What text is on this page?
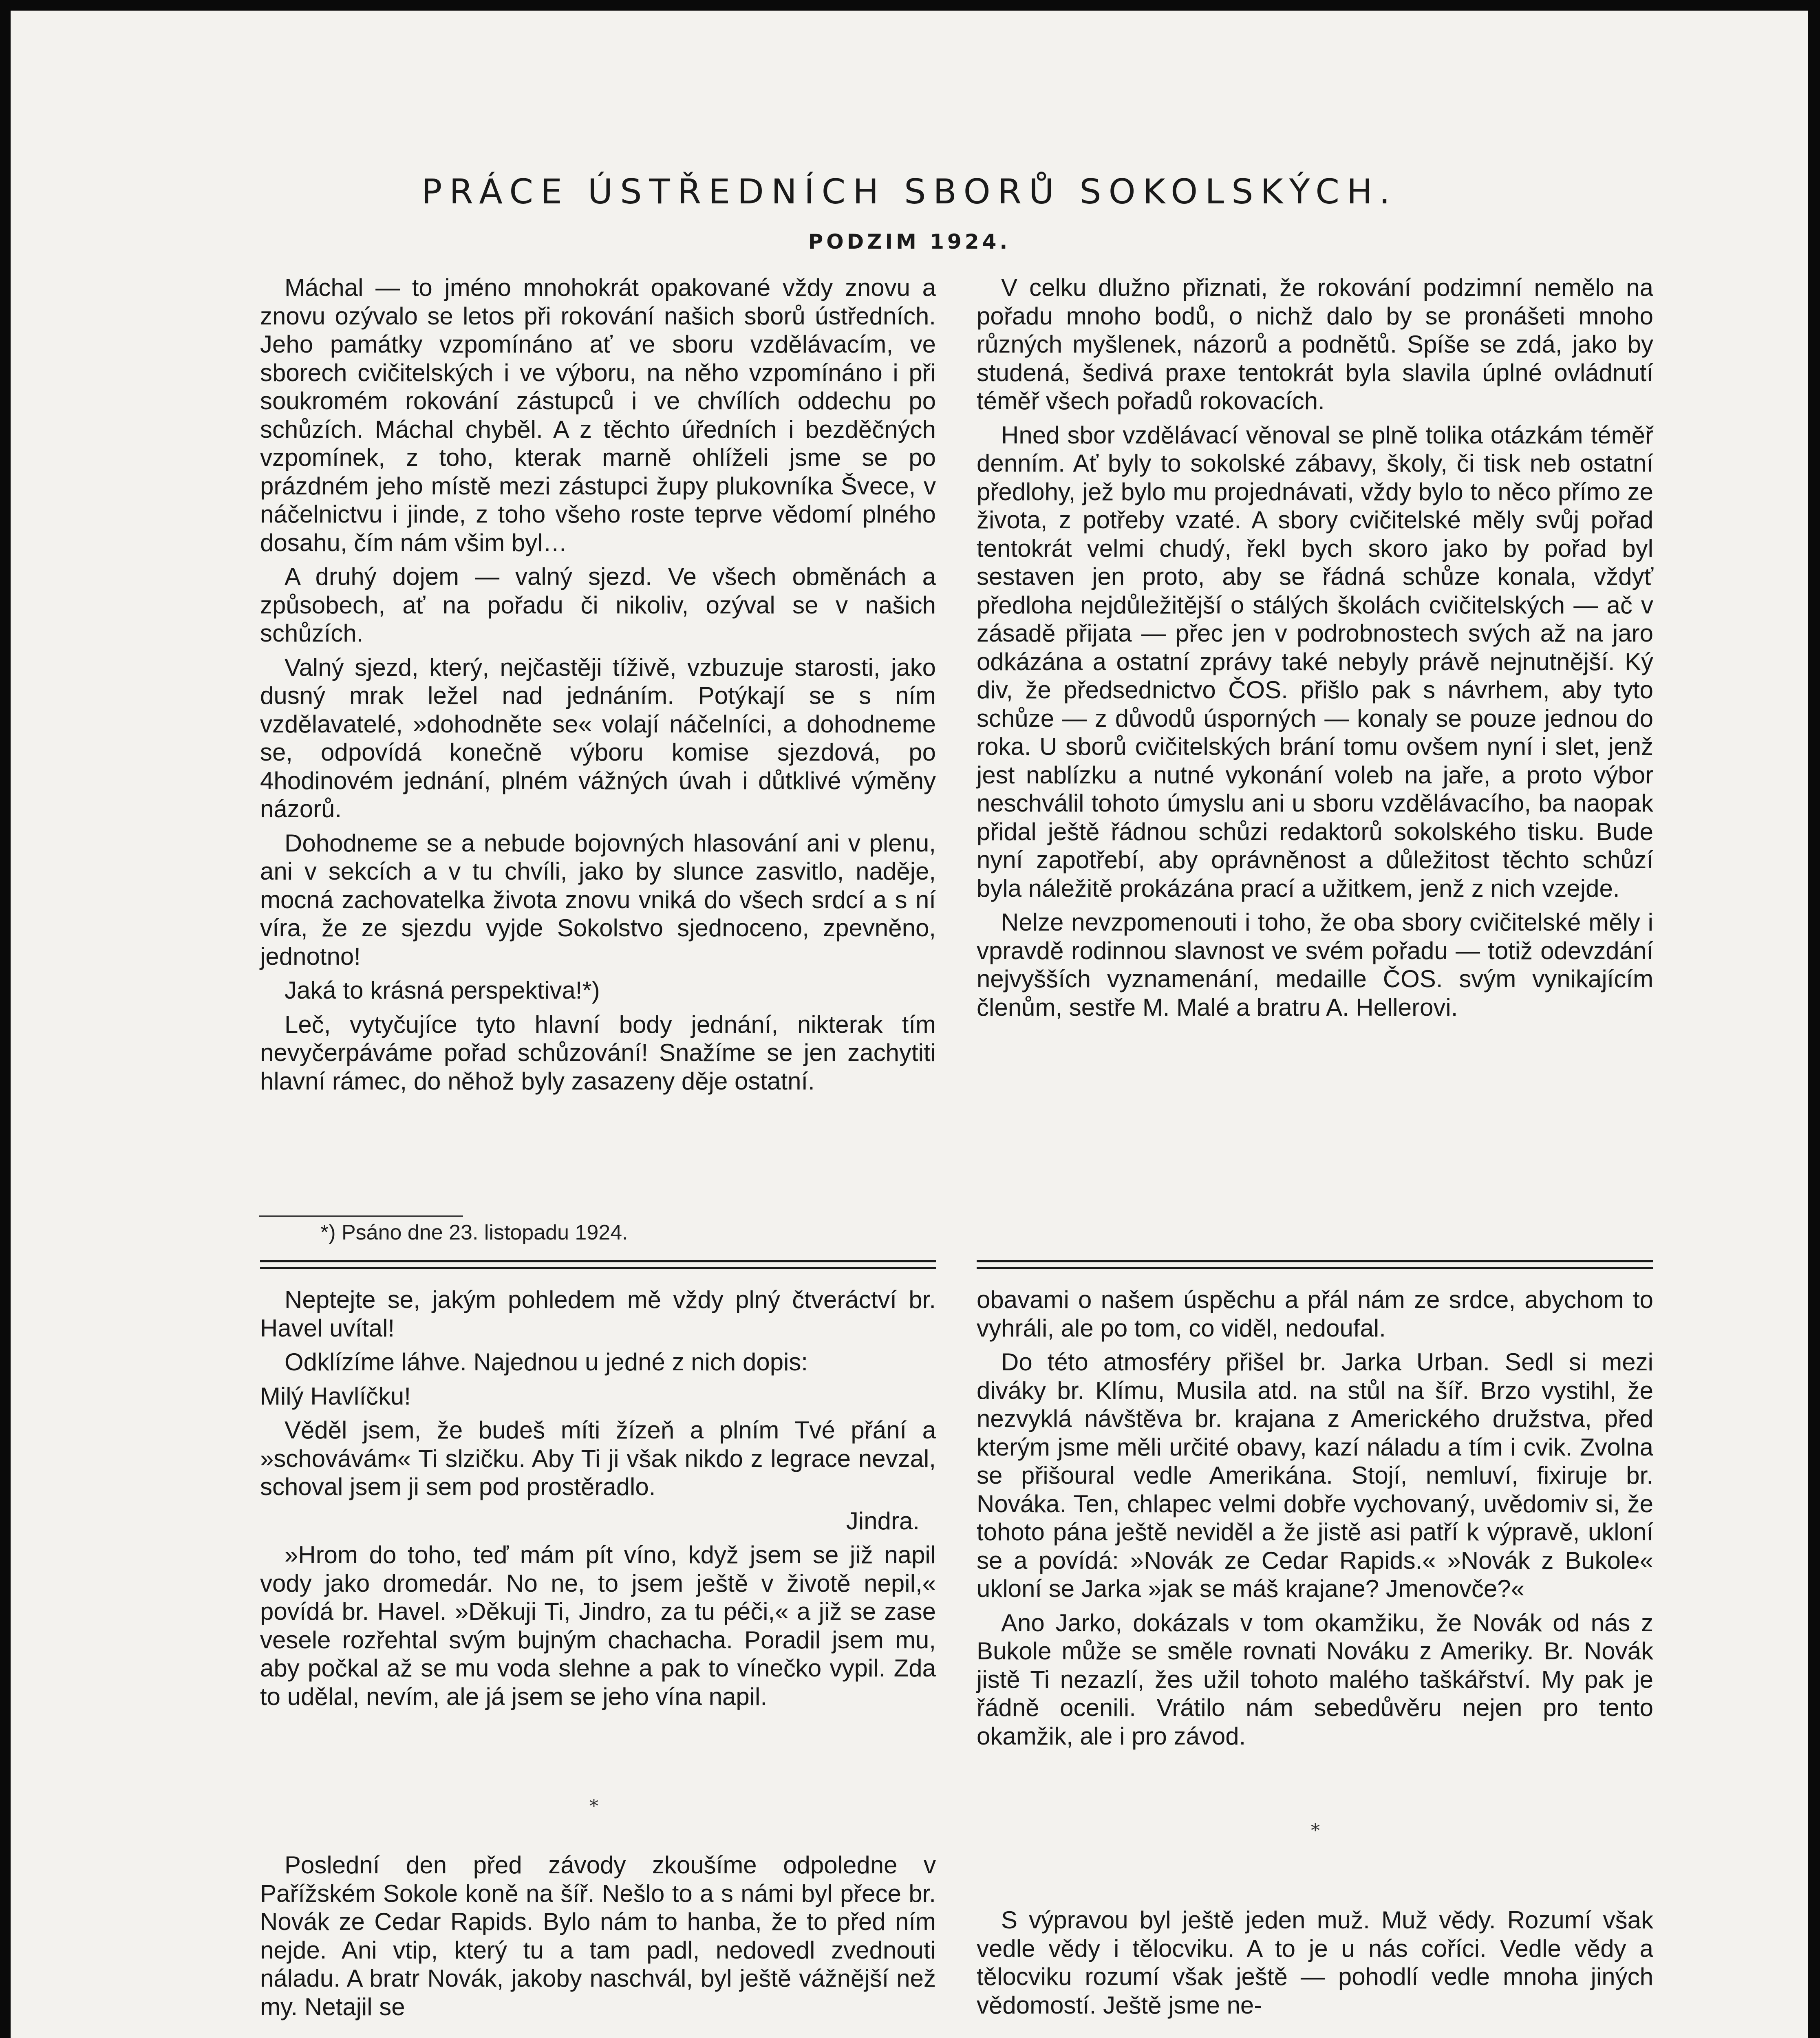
PRÁCE ÚSTŘEDNÍCH SBORŮ SOKOLSKÝCH.
PODZIM 1924.

Máchal — to jméno mnohokrát opakované vždy znovu a znovu ozývalo se letos při rokování našich sborů ústředních. Jeho památky vzpomínáno ať ve sboru vzdělávacím, ve sborech cvičitelských i ve výboru, na něho vzpomínáno i při soukromém rokování zástupců i ve chvílích oddechu po schůzích. Máchal chyběl. A z těchto úředních i bezděčných vzpomínek, z toho, kterak marně ohlíželi jsme se po prázdném jeho místě mezi zástupci župy plukovníka Švece, v náčelnictvu i jinde, z toho všeho roste teprve vědomí plného dosahu, čím nám všim byl…

A druhý dojem — valný sjezd. Ve všech obměnách a způsobech, ať na pořadu či nikoliv, ozýval se v našich schůzích.

Valný sjezd, který, nejčastěji tíživě, vzbuzuje starosti, jako dusný mrak ležel nad jednáním. Potýkají se s ním vzdělavatelé, »dohodněte se« volají náčelníci, a dohodneme se, odpovídá konečně výboru komise sjezdová, po 4hodinovém jednání, plném vážných úvah i důtklivé výměny názorů.

Dohodneme se a nebude bojovných hlasování ani v plenu, ani v sekcích a v tu chvíli, jako by slunce zasvitlo, naděje, mocná zachovatelka života znovu vniká do všech srdcí a s ní víra, že ze sjezdu vyjde Sokolstvo sjednoceno, zpevněno, jednotno!

Jaká to krásná perspektiva!*)

Leč, vytyčujíce tyto hlavní body jednání, nikterak tím nevyčerpáváme pořad schůzování! Snažíme se jen zachytiti hlavní rámec, do něhož byly zasazeny děje ostatní.

*) Psáno dne 23. listopadu 1924.

V celku dlužno přiznati, že rokování podzimní nemělo na pořadu mnoho bodů, o nichž dalo by se pronášeti mnoho různých myšlenek, názorů a podnětů. Spíše se zdá, jako by studená, šedivá praxe tentokrát byla slavila úplné ovládnutí téměř všech pořadů rokovacích.

Hned sbor vzdělávací věnoval se plně tolika otázkám téměř denním. Ať byly to sokolské zábavy, školy, či tisk neb ostatní předlohy, jež bylo mu projednávati, vždy bylo to něco přímo ze života, z potřeby vzaté. A sbory cvičitelské měly svůj pořad tentokrát velmi chudý, řekl bych skoro jako by pořad byl sestaven jen proto, aby se řádná schůze konala, vždyť předloha nejdůležitější o stálých školách cvičitelských — ač v zásadě přijata — přec jen v podrobnostech svých až na jaro odkázána a ostatní zprávy také nebyly právě nejnutnější. Ký div, že předsednictvo ČOS. přišlo pak s návrhem, aby tyto schůze — z důvodů úsporných — konaly se pouze jednou do roka. U sborů cvičitelských brání tomu ovšem nyní i slet, jenž jest nablízku a nutné vykonání voleb na jaře, a proto výbor neschválil tohoto úmyslu ani u sboru vzdělávacího, ba naopak přidal ještě řádnou schůzi redaktorů sokolského tisku. Bude nyní zapotřebí, aby oprávněnost a důležitost těchto schůzí byla náležitě prokázána prací a užitkem, jenž z nich vzejde.

Nelze nevzpomenouti i toho, že oba sbory cvičitelské měly i vpravdě rodinnou slavnost ve svém pořadu — totiž odevzdání nejvyšších vyznamenání, medaille ČOS. svým vynikajícím členům, sestře M. Malé a bratru A. Hellerovi.

Neptejte se, jakým pohledem mě vždy plný čtveráctví br. Havel uvítal!

Odklízíme láhve. Najednou u jedné z nich dopis:

Milý Havlíčku!

Věděl jsem, že budeš míti žízeň a plním Tvé přání a »schovávám« Ti slzičku. Aby Ti ji však nikdo z legrace nevzal, schoval jsem ji sem pod prostěradlo.

Jindra.

»Hrom do toho, teď mám pít víno, když jsem se již napil vody jako dromedár. No ne, to jsem ještě v životě nepil,« povídá br. Havel. »Děkuji Ti, Jindro, za tu péči,« a již se zase vesele rozřehtal svým bujným chachacha. Poradil jsem mu, aby počkal až se mu voda slehne a pak to vínečko vypil. Zda to udělal, nevím, ale já jsem se jeho vína napil.

*

Poslední den před závody zkoušíme odpoledne v Pařížském Sokole koně na šíř. Nešlo to a s námi byl přece br. Novák ze Cedar Rapids. Bylo nám to hanba, že to před ním nejde. Ani vtip, který tu a tam padl, nedovedl zvednouti náladu. A bratr Novák, jakoby naschvál, byl ještě vážnější než my. Netajil se

obavami o našem úspěchu a přál nám ze srdce, abychom to vyhráli, ale po tom, co viděl, nedoufal.

Do této atmosféry přišel br. Jarka Urban. Sedl si mezi diváky br. Klímu, Musila atd. na stůl na šíř. Brzo vystihl, že nezvyklá návštěva br. krajana z Amerického družstva, před kterým jsme měli určité obavy, kazí náladu a tím i cvik. Zvolna se přišoural vedle Amerikána. Stojí, nemluví, fixiruje br. Nováka. Ten, chlapec velmi dobře vychovaný, uvědomiv si, že tohoto pána ještě neviděl a že jistě asi patří k výpravě, ukloní se a povídá: »Novák ze Cedar Rapids.« »Novák z Bukole« ukloní se Jarka »jak se máš krajane? Jmenovče?«

Ano Jarko, dokázals v tom okamžiku, že Novák od nás z Bukole může se směle rovnati Nováku z Ameriky. Br. Novák jistě Ti nezazlí, žes užil tohoto malého taškářství. My pak je řádně ocenili. Vrátilo nám sebedůvěru nejen pro tento okamžik, ale i pro závod.

*

S výpravou byl ještě jeden muž. Muž vědy. Rozumí však vedle vědy i tělocviku. A to je u nás coříci. Vedle vědy a tělocviku rozumí však ještě — pohodlí vedle mnoha jiných vědomostí. Ještě jsme ne-
